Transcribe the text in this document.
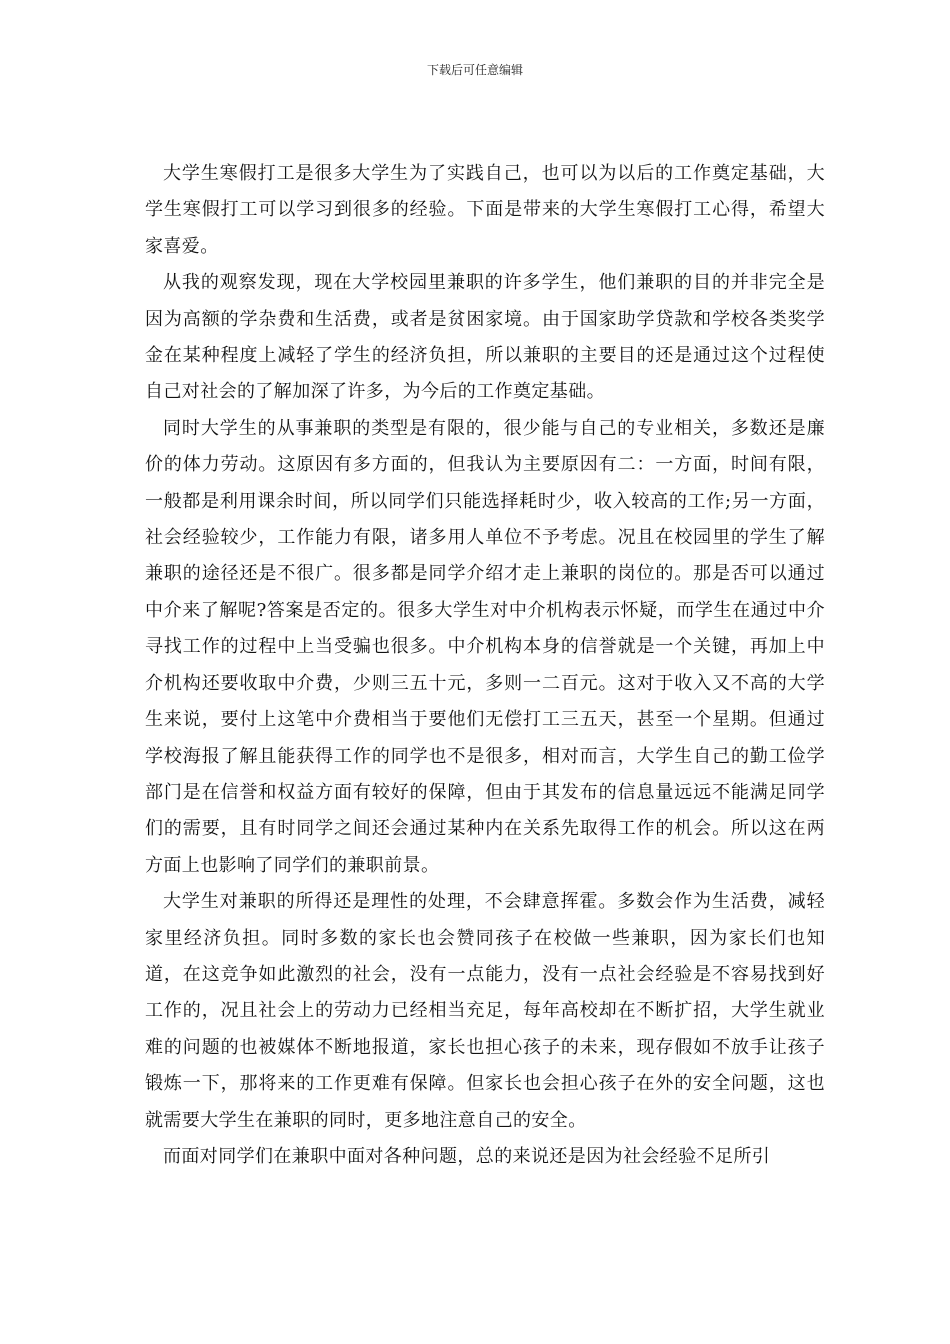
下载后可任意编辑

大学生寒假打工是很多大学生为了实践自己，也可以为以后的工作奠定基础，大学生寒假打工可以学习到很多的经验。下面是带来的大学生寒假打工心得，希望大家喜爱。

从我的观察发现，现在大学校园里兼职的许多学生，他们兼职的目的并非完全是因为高额的学杂费和生活费，或者是贫困家境。由于国家助学贷款和学校各类奖学金在某种程度上减轻了学生的经济负担，所以兼职的主要目的还是通过这个过程使自己对社会的了解加深了许多，为今后的工作奠定基础。

同时大学生的从事兼职的类型是有限的，很少能与自己的专业相关，多数还是廉价的体力劳动。这原因有多方面的，但我认为主要原因有二：一方面，时间有限，一般都是利用课余时间，所以同学们只能选择耗时少，收入较高的工作;另一方面，社会经验较少，工作能力有限，诸多用人单位不予考虑。况且在校园里的学生了解兼职的途径还是不很广。很多都是同学介绍才走上兼职的岗位的。那是否可以通过中介来了解呢?答案是否定的。很多大学生对中介机构表示怀疑，而学生在通过中介寻找工作的过程中上当受骗也很多。中介机构本身的信誉就是一个关键，再加上中介机构还要收取中介费，少则三五十元，多则一二百元。这对于收入又不高的大学生来说，要付上这笔中介费相当于要他们无偿打工三五天，甚至一个星期。但通过学校海报了解且能获得工作的同学也不是很多，相对而言，大学生自己的勤工俭学部门是在信誉和权益方面有较好的保障，但由于其发布的信息量远远不能满足同学们的需要，且有时同学之间还会通过某种内在关系先取得工作的机会。所以这在两方面上也影响了同学们的兼职前景。

大学生对兼职的所得还是理性的处理，不会肆意挥霍。多数会作为生活费，减轻家里经济负担。同时多数的家长也会赞同孩子在校做一些兼职，因为家长们也知道，在这竞争如此激烈的社会，没有一点能力，没有一点社会经验是不容易找到好工作的，况且社会上的劳动力已经相当充足，每年高校却在不断扩招，大学生就业难的问题的也被媒体不断地报道，家长也担心孩子的未来，现存假如不放手让孩子锻炼一下，那将来的工作更难有保障。但家长也会担心孩子在外的安全问题，这也就需要大学生在兼职的同时，更多地注意自己的安全。

而面对同学们在兼职中面对各种问题，总的来说还是因为社会经验不足所引
